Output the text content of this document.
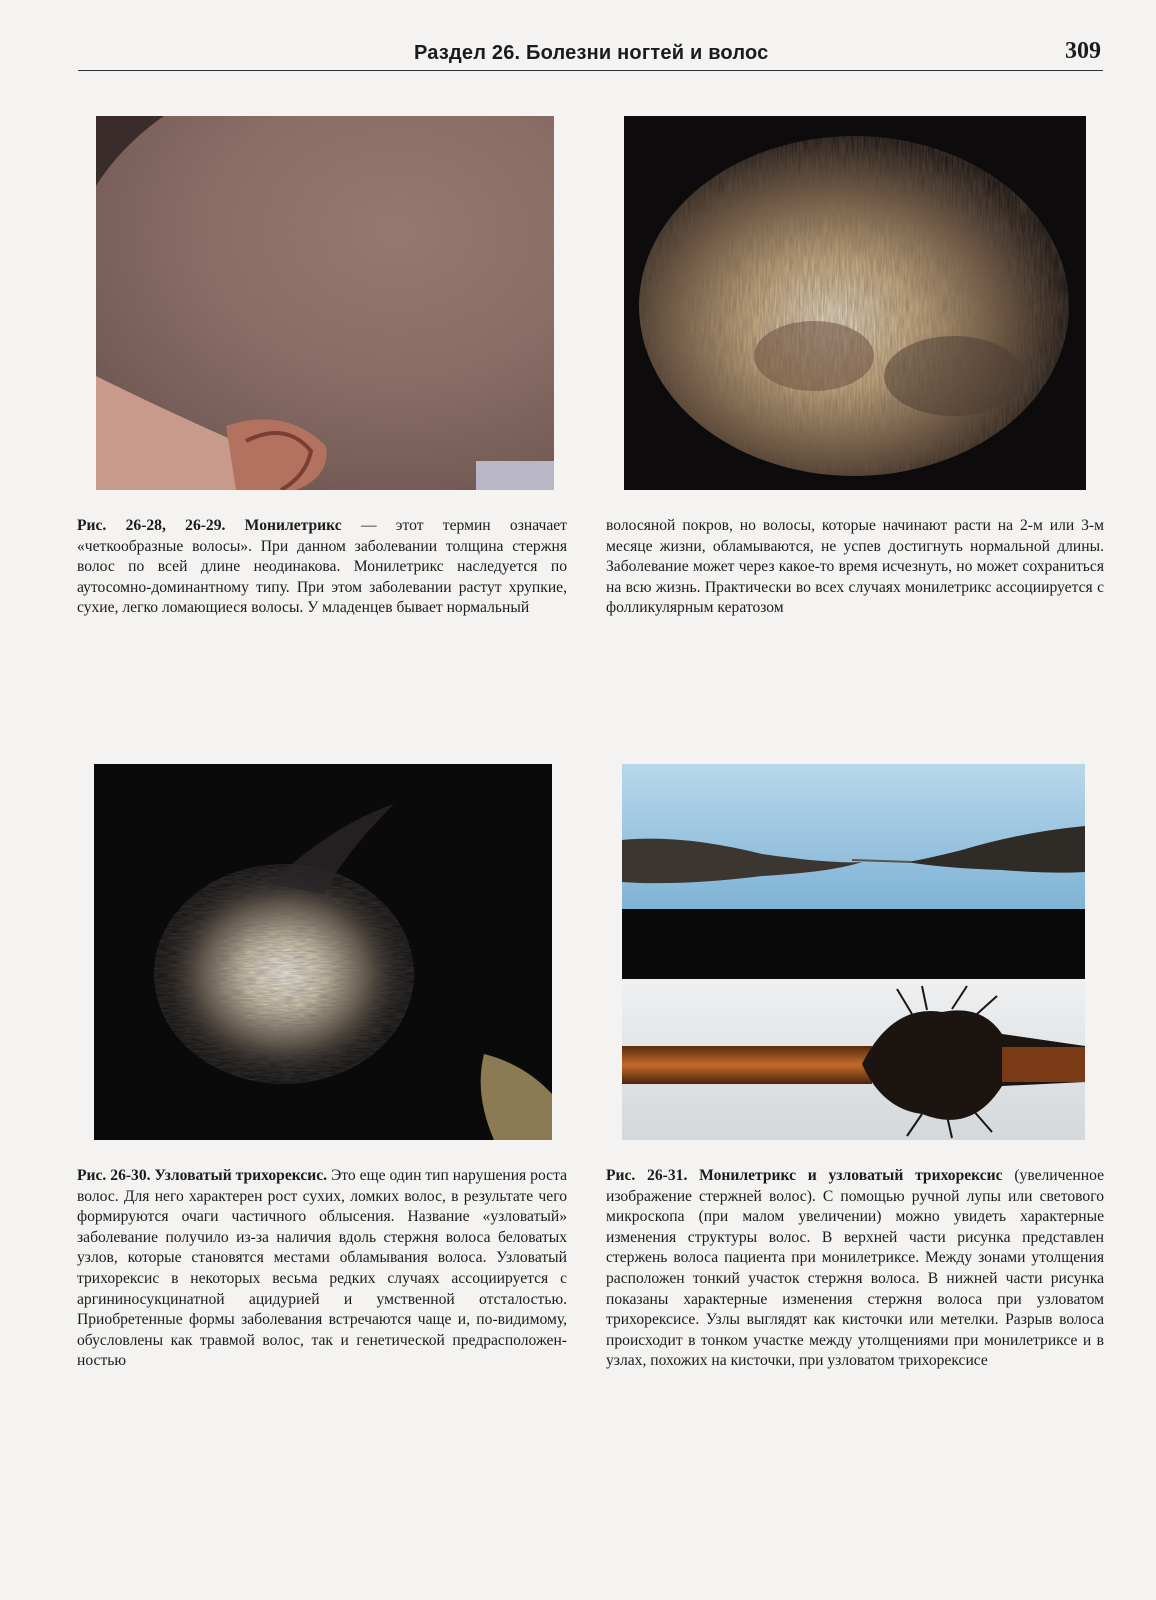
Раздел 26. Болезни ногтей и волос	309
Рис. 26-28, 26-29. Монилетрикс — этот термин означает «четкообразные волосы». При данном заболевании толщина стержня волос по всей длине неодинакова. Монилетрикс наследуется по аутосомно-доминантному типу. При этом заболевании растут хрупкие, сухие, легко ломающиеся волосы. У младенцев бывает нормальный
волосяной покров, но волосы, которые начинают расти на 2-м или 3-м месяце жизни, обламываются, не успев достигнуть нормальной длины. Заболевание может через какое-то время исчезнуть, но может сохраниться на всю жизнь. Практически во всех случаях монилетрикс ассоциируется с фолликулярным кератозом
Рис. 26-30. Узловатый трихорексис. Это еще один тип нарушения роста волос. Для него характерен рост сухих, ломких волос, в результате чего формируются очаги частичного облысения. Название «узловатый» заболевание получило из-за наличия вдоль стержня волоса беловатых узлов, которые становятся местами обламывания волоса. Узловатый трихорексис в некоторых весьма редких случаях ассоциируется с аргининосукцинатной ацидурией и умственной отсталостью. Приобретенные формы заболевания встречаются чаще и, по-видимому, обусловлены как травмой волос, так и генетической предрасположенностью
Рис. 26-31. Монилетрикс и узловатый трихорексис (увеличенное изображение стержней волос). С помощью ручной лупы или светового микроскопа (при малом увеличении) можно увидеть характерные изменения структуры волос. В верхней части рисунка представлен стержень волоса пациента при монилетриксе. Между зонами утолщения расположен тонкий участок стержня волоса. В нижней части рисунка показаны характерные изменения стержня волоса при узловатом трихорексисе. Узлы выглядят как кисточки или метелки. Разрыв волоса происходит в тонком участке между утолщениями при монилетриксе и в узлах, похожих на кисточки, при узловатом трихорексисе
